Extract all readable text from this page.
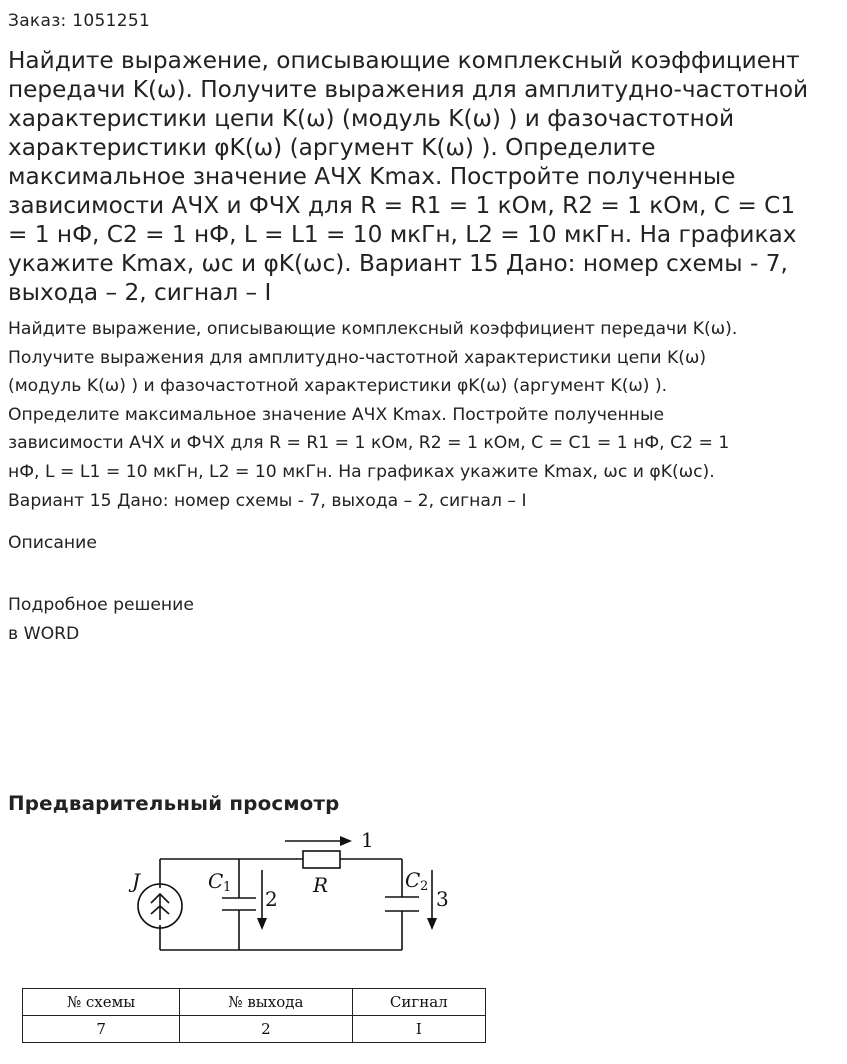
Заказ: 1051251

Найдите выражение, описывающие комплексный коэффициент
передачи K(ω). Получите выражения для амплитудно-частотной
характеристики цепи K(ω) (модуль K(ω) ) и фазочастотной
характеристики φK(ω) (аргумент K(ω) ). Определите
максимальное значение АЧХ Kmax. Постройте полученные
зависимости АЧХ и ФЧХ для R = R1 = 1 кОм, R2 = 1 кОм, C = C1
= 1 нФ, C2 = 1 нФ, L = L1 = 10 мкГн, L2 = 10 мкГн. На графиках
укажите Kmax, ωc и φK(ωc). Вариант 15 Дано: номер схемы - 7,
выхода – 2, сигнал – I

Найдите выражение, описывающие комплексный коэффициент передачи K(ω).
Получите выражения для амплитудно-частотной характеристики цепи K(ω)
(модуль K(ω) ) и фазочастотной характеристики φK(ω) (аргумент K(ω) ).
Определите максимальное значение АЧХ Kmax. Постройте полученные
зависимости АЧХ и ФЧХ для R = R1 = 1 кОм, R2 = 1 кОм, C = C1 = 1 нФ, C2 = 1
нФ, L = L1 = 10 мкГн, L2 = 10 мкГн. На графиках укажите Kmax, ωc и φK(ωc).
Вариант 15 Дано: номер схемы - 7, выхода – 2, сигнал – I

Описание

Подробное решение
в WORD

Предварительный просмотр
J	C 1	R	C 2
1
2	3
№ схемы	№ выхода	Сигнал
7	2	I
